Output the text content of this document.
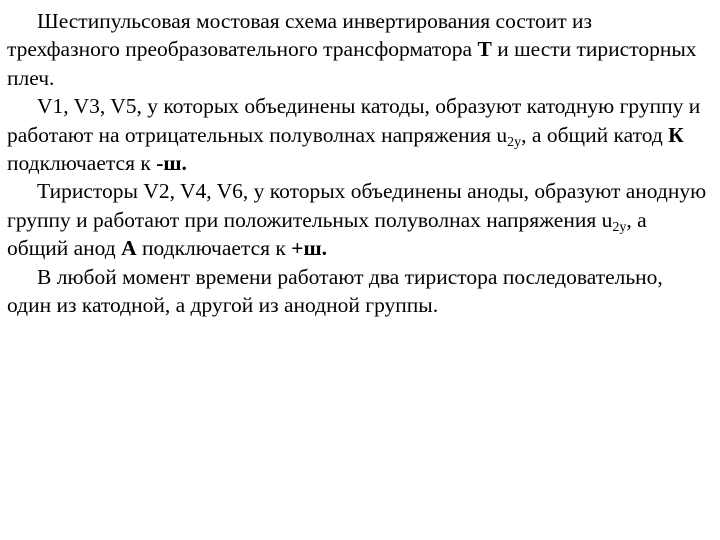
Шестипульсовая мостовая схема инвертирования состоит из трехфазного преобразовательного трансформатора Т и шести тиристорных плеч.

V1, V3, V5, у которых объединены катоды, образуют катодную группу и работают на отрицательных полуволнах напряжения $u_{2у}$, а общий катод К подключается к -ш.

Тиристоры V2, V4, V6, у которых объединены аноды, образуют анодную группу и работают при положительных полуволнах напряжения $u_{2у}$, а общий анод А подключается к +ш.

В любой момент времени работают два тиристора последовательно, один из катодной, а другой из анодной группы.
